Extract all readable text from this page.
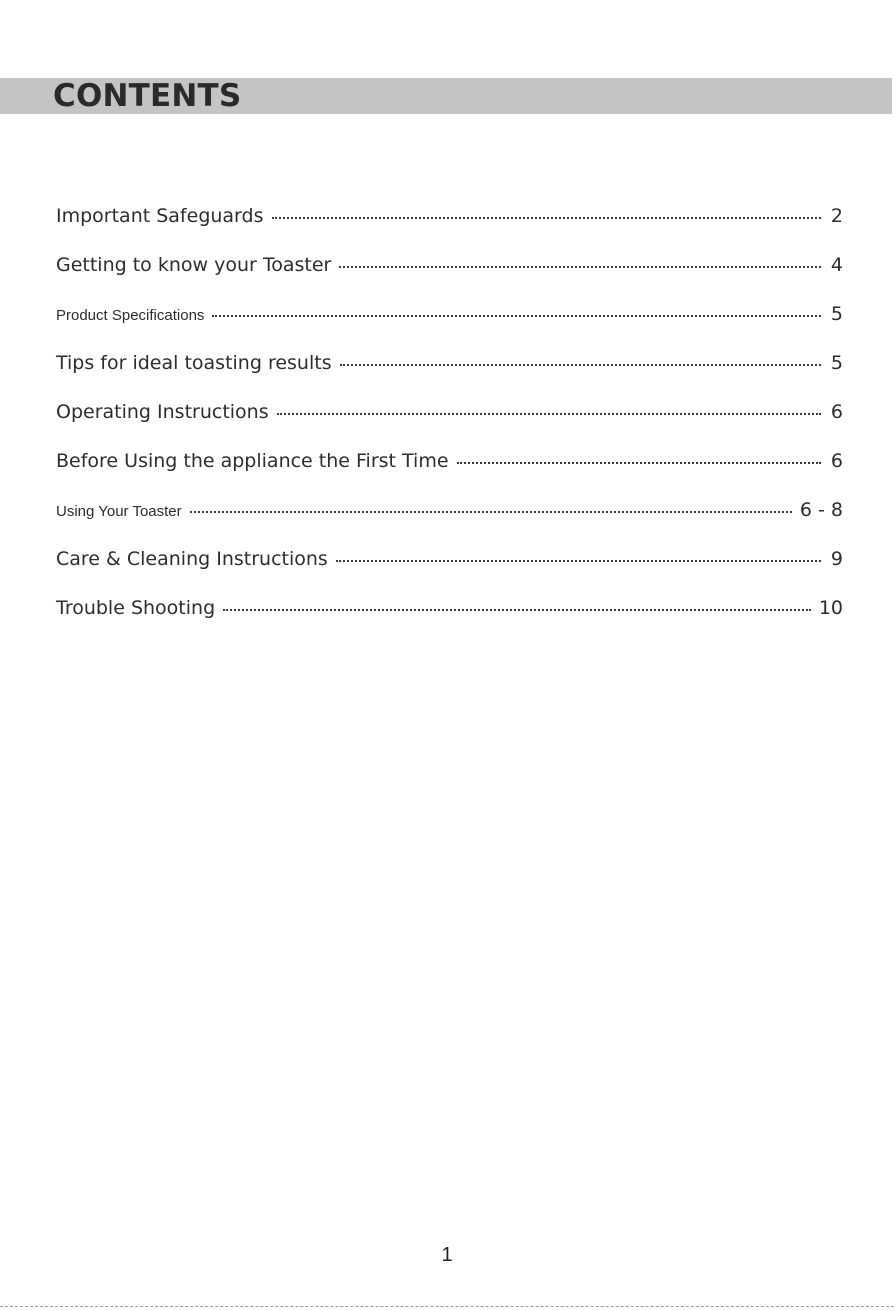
CONTENTS
Important Safeguards	2
Getting to know your Toaster	4
Product Specifications	5
Tips for ideal toasting results	5
Operating Instructions	6
Before Using the appliance the First Time	6
Using Your Toaster	6 - 8
Care & Cleaning Instructions	9
Trouble Shooting	10
1
